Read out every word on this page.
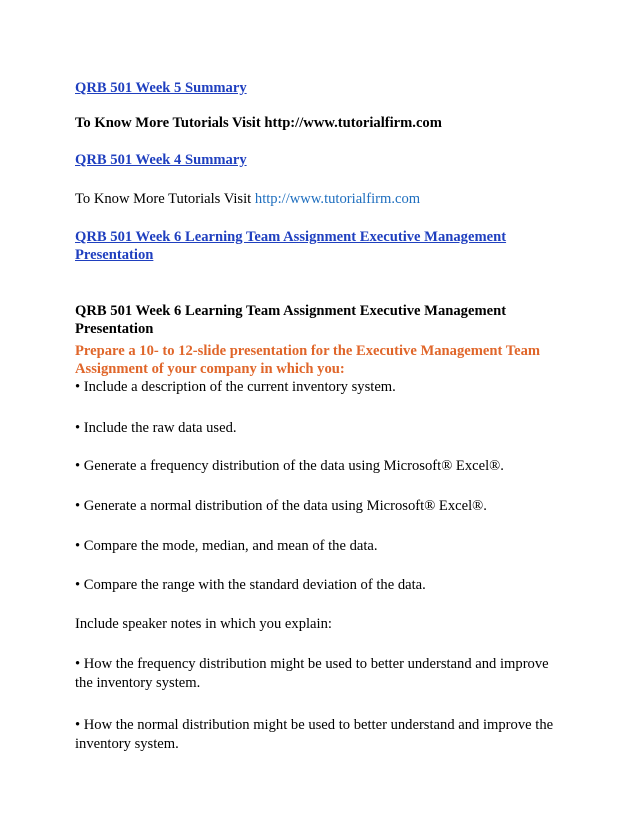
QRB 501 Week 5 Summary
To Know More Tutorials Visit http://www.tutorialfirm.com
QRB 501 Week 4 Summary
To Know More Tutorials Visit http://www.tutorialfirm.com
QRB 501 Week 6 Learning Team Assignment Executive Management
Presentation
QRB 501 Week 6 Learning Team Assignment Executive Management
Presentation
Prepare a 10- to 12-slide presentation for the Executive Management Team
Assignment of your company in which you:
• Include a description of the current inventory system.
• Include the raw data used.
• Generate a frequency distribution of the data using Microsoft® Excel®.
• Generate a normal distribution of the data using Microsoft® Excel®.
• Compare the mode, median, and mean of the data.
• Compare the range with the standard deviation of the data.
Include speaker notes in which you explain:
• How the frequency distribution might be used to better understand and improve
the inventory system.
• How the normal distribution might be used to better understand and improve the
inventory system.
